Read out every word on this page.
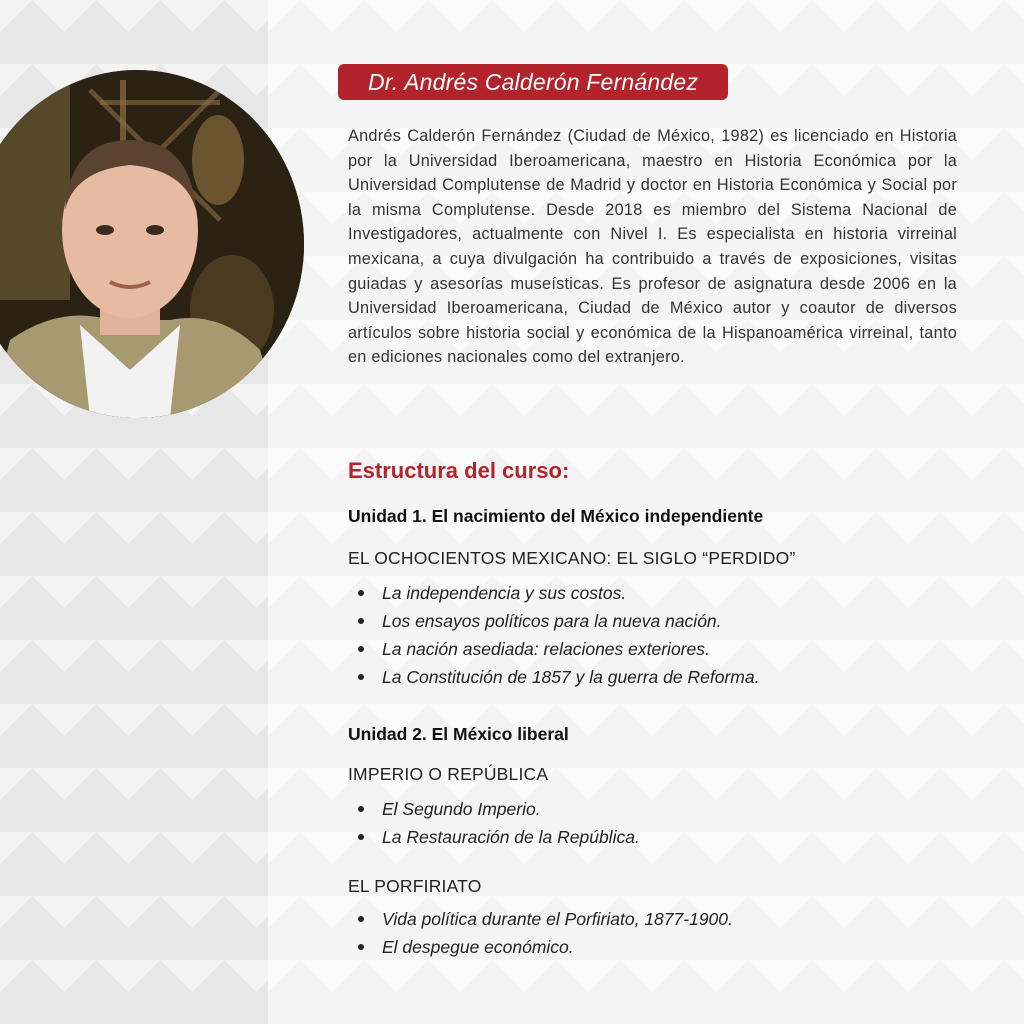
Dr. Andrés Calderón Fernández

Andrés Calderón Fernández (Ciudad de México, 1982) es licenciado en Historia por la Universidad Iberoamericana, maestro en Historia Económica por la Universidad Complutense de Madrid y doctor en Historia Económica y Social por la misma Complutense. Desde 2018 es miembro del Sistema Nacional de Investigadores, actualmente con Nivel I. Es especialista en historia virreinal mexicana, a cuya divulgación ha contribuido a través de exposiciones, visitas guiadas y asesorías museísticas. Es profesor de asignatura desde 2006 en la Universidad Iberoamericana, Ciudad de México autor y coautor de diversos artículos sobre historia social y económica de la Hispanoamérica virreinal, tanto en ediciones nacionales como del extranjero.

Estructura del curso:
Unidad 1. El nacimiento del México independiente
EL OCHOCIENTOS MEXICANO: EL SIGLO “PERDIDO”
La independencia y sus costos.
Los ensayos políticos para la nueva nación.
La nación asediada: relaciones exteriores.
La Constitución de 1857 y la guerra de Reforma.
Unidad 2. El México liberal
IMPERIO O REPÚBLICA
El Segundo Imperio.
La Restauración de la República.
EL PORFIRIATO
Vida política durante el Porfiriato, 1877-1900.
El despegue económico.
